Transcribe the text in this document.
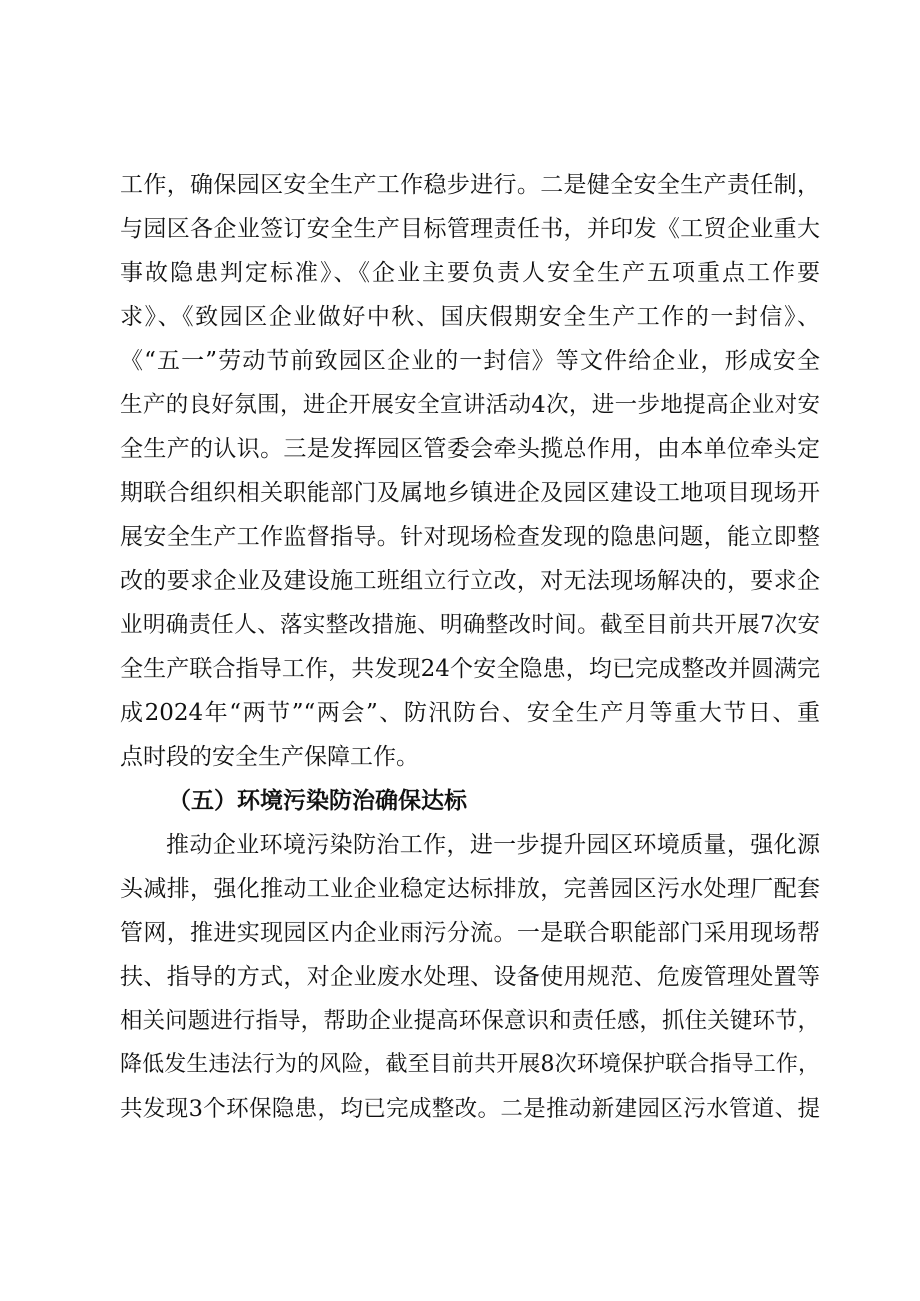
工作，确保园区安全生产工作稳步进行。二是健全安全生产责任制，
与园区各企业签订安全生产目标管理责任书，并印发《工贸企业重大
事故隐患判定标准》、《企业主要负责人安全生产五项重点工作要
求》、《致园区企业做好中秋、国庆假期安全生产工作的一封信》、
《“五一”劳动节前致园区企业的一封信》等文件给企业，形成安全
生产的良好氛围，进企开展安全宣讲活动4次，进一步地提高企业对安
全生产的认识。三是发挥园区管委会牵头揽总作用，由本单位牵头定
期联合组织相关职能部门及属地乡镇进企及园区建设工地项目现场开
展安全生产工作监督指导。针对现场检查发现的隐患问题，能立即整
改的要求企业及建设施工班组立行立改，对无法现场解决的，要求企
业明确责任人、落实整改措施、明确整改时间。截至目前共开展7次安
全生产联合指导工作，共发现24个安全隐患，均已完成整改并圆满完
成2024年“两节”“两会”、防汛防台、安全生产月等重大节日、重
点时段的安全生产保障工作。
（五）环境污染防治确保达标
推动企业环境污染防治工作，进一步提升园区环境质量，强化源
头减排，强化推动工业企业稳定达标排放，完善园区污水处理厂配套
管网，推进实现园区内企业雨污分流。一是联合职能部门采用现场帮
扶、指导的方式，对企业废水处理、设备使用规范、危废管理处置等
相关问题进行指导，帮助企业提高环保意识和责任感，抓住关键环节，
降低发生违法行为的风险，截至目前共开展8次环境保护联合指导工作，
共发现3个环保隐患，均已完成整改。二是推动新建园区污水管道、提
